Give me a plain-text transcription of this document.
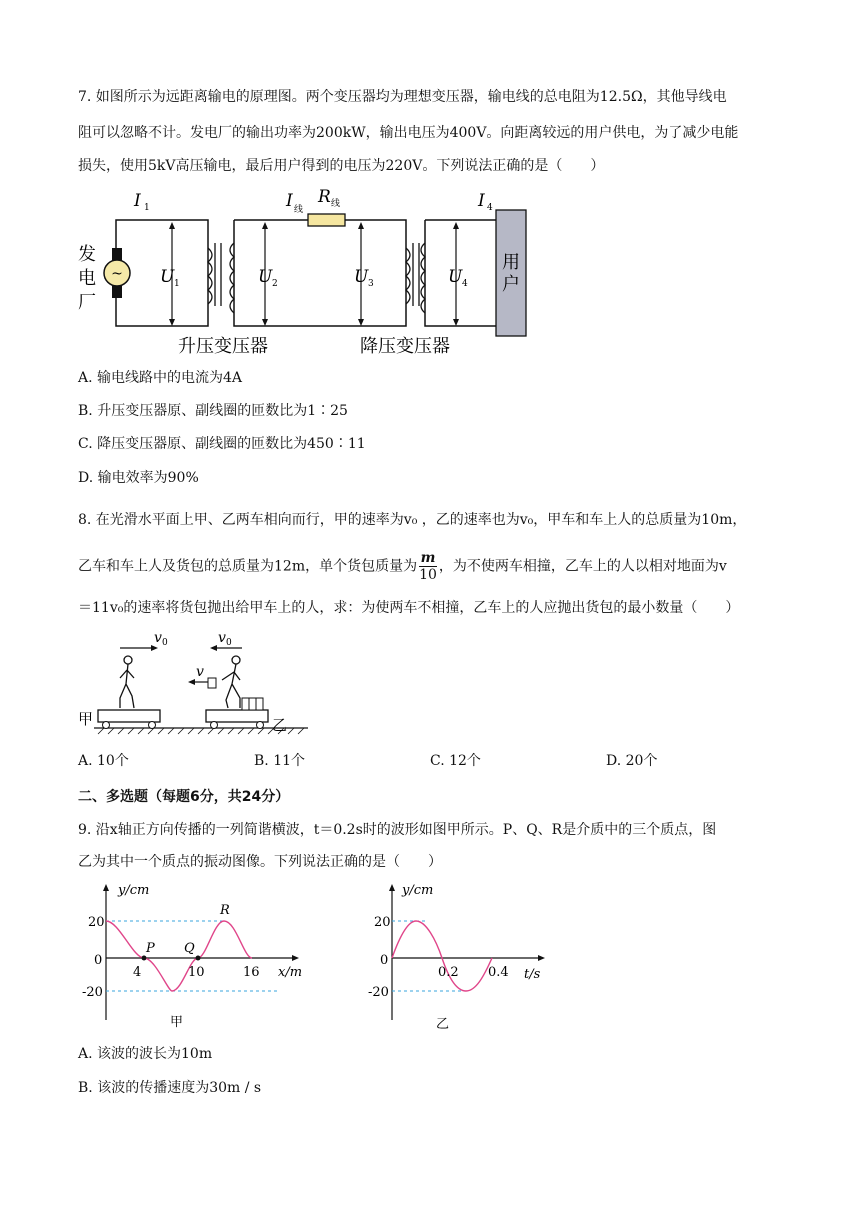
7. 如图所示为远距离输电的原理图。两个变压器均为理想变压器，输电线的总电阻为12.5Ω，其他导线电
阻可以忽略不计。发电厂的输出功率为200kW，输出电压为400V。向距离较远的用户供电，为了减少电能
损失，使用5kV高压输电，最后用户得到的电压为220V。下列说法正确的是（　　）
~
I	I R	I
U	U	U	U
1	线
线	4
1	2	3	4
发
电
厂
用
户
升压变压器	降压变压器
A. 输电线路中的电流为4A
B. 升压变压器原、副线圈的匝数比为1∶25
C. 降压变压器原、副线圈的匝数比为450∶11
D. 输电效率为90%
8. 在光滑水平面上甲、乙两车相向而行，甲的速率为v₀ ，乙的速率也为v₀，甲车和车上人的总质量为10m，
乙车和车上人及货包的总质量为12m，单个货包质量为 $\frac{m}{10}$ ，为不使两车相撞，乙车上的人以相对地面为v
＝11v₀的速率将货包抛出给甲车上的人，求：为使两车不相撞，乙车上的人应抛出货包的最小数量（　　）
v	v
v
0	0
甲	乙
A. 10个	B. 11个	C. 12个	D. 20个
二、多选题（每题6分，共24分）
9. 沿x轴正方向传播的一列简谐横波，t＝0.2s时的波形如图甲所示。P、Q、R是介质中的三个质点，图
乙为其中一个质点的振动图像。下列说法正确的是（　　）
y/cm
x/m
20
0
-20
4	10	16
P Q
R
甲
y/cm
t/s
20
0
-20
0.2 0.4
乙
A. 该波的波长为10m
B. 该波的传播速度为30m / s
